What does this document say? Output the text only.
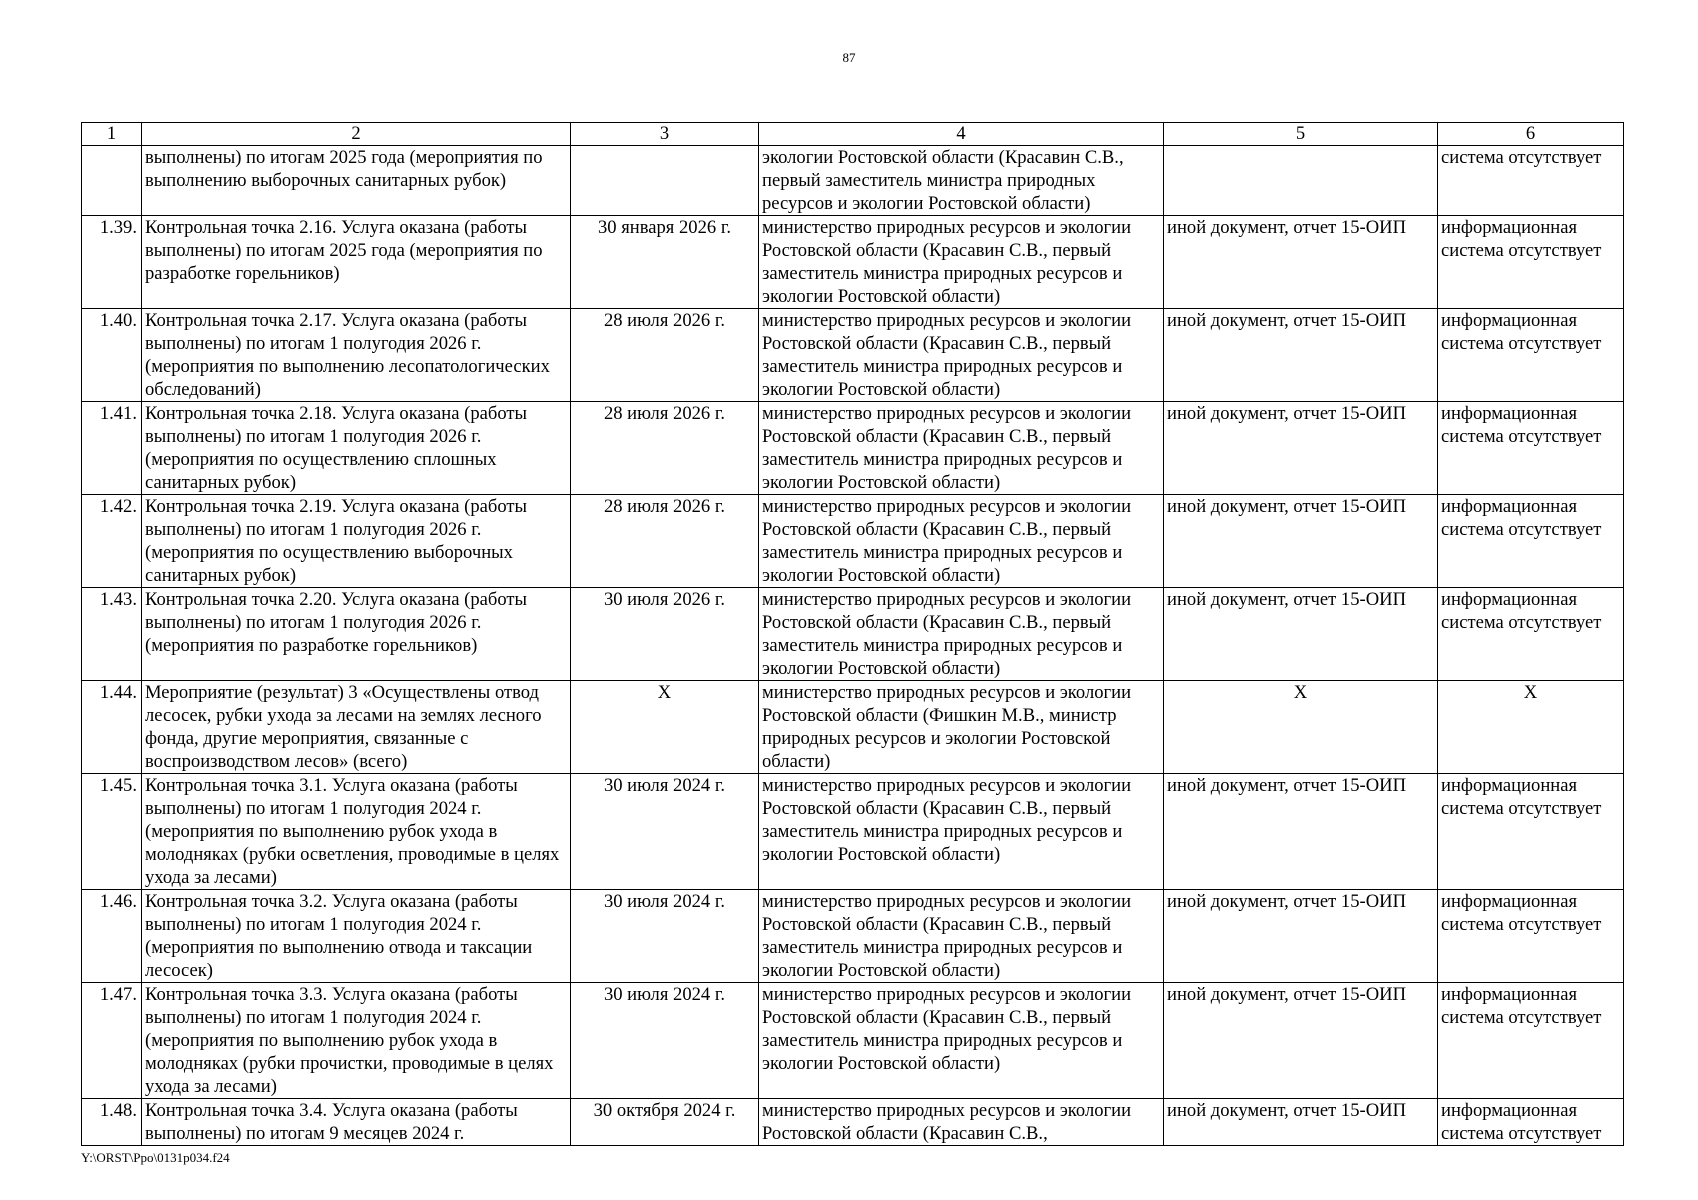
87
1	2	3	4	5	6
	выполнены) по итогам 2025 года (мероприятия по выполнению выборочных санитарных рубок)		экологии Ростовской области (Красавин С.В., первый заместитель министра природных ресурсов и экологии Ростовской области)		система отсутствует
1.39.	Контрольная точка 2.16. Услуга оказана (работы выполнены) по итогам 2025 года (мероприятия по разработке горельников)	30 января 2026 г.	министерство природных ресурсов и экологии Ростовской области (Красавин С.В., первый заместитель министра природных ресурсов и экологии Ростовской области)	иной документ, отчет 15-ОИП	информационная система отсутствует
1.40.	Контрольная точка 2.17. Услуга оказана (работы выполнены) по итогам 1 полугодия 2026 г. (мероприятия по выполнению лесопатологических обследований)	28 июля 2026 г.	министерство природных ресурсов и экологии Ростовской области (Красавин С.В., первый заместитель министра природных ресурсов и экологии Ростовской области)	иной документ, отчет 15-ОИП	информационная система отсутствует
1.41.	Контрольная точка 2.18. Услуга оказана (работы выполнены) по итогам 1 полугодия 2026 г. (мероприятия по осуществлению сплошных санитарных рубок)	28 июля 2026 г.	министерство природных ресурсов и экологии Ростовской области (Красавин С.В., первый заместитель министра природных ресурсов и экологии Ростовской области)	иной документ, отчет 15-ОИП	информационная система отсутствует
1.42.	Контрольная точка 2.19. Услуга оказана (работы выполнены) по итогам 1 полугодия 2026 г. (мероприятия по осуществлению выборочных санитарных рубок)	28 июля 2026 г.	министерство природных ресурсов и экологии Ростовской области (Красавин С.В., первый заместитель министра природных ресурсов и экологии Ростовской области)	иной документ, отчет 15-ОИП	информационная система отсутствует
1.43.	Контрольная точка 2.20. Услуга оказана (работы выполнены) по итогам 1 полугодия 2026 г. (мероприятия по разработке горельников)	30 июля 2026 г.	министерство природных ресурсов и экологии Ростовской области (Красавин С.В., первый заместитель министра природных ресурсов и экологии Ростовской области)	иной документ, отчет 15-ОИП	информационная система отсутствует
1.44.	Мероприятие (результат) 3 «Осуществлены отвод лесосек, рубки ухода за лесами на землях лесного фонда, другие мероприятия, связанные с воспроизводством лесов» (всего)	Х	министерство природных ресурсов и экологии Ростовской области (Фишкин М.В., министр природных ресурсов и экологии Ростовской области)	Х	Х
1.45.	Контрольная точка 3.1. Услуга оказана (работы выполнены) по итогам 1 полугодия 2024 г. (мероприятия по выполнению рубок ухода в молодняках (рубки осветления, проводимые в целях ухода за лесами)	30 июля 2024 г.	министерство природных ресурсов и экологии Ростовской области (Красавин С.В., первый заместитель министра природных ресурсов и экологии Ростовской области)	иной документ, отчет 15-ОИП	информационная система отсутствует
1.46.	Контрольная точка 3.2. Услуга оказана (работы выполнены) по итогам 1 полугодия 2024 г. (мероприятия по выполнению отвода и таксации лесосек)	30 июля 2024 г.	министерство природных ресурсов и экологии Ростовской области (Красавин С.В., первый заместитель министра природных ресурсов и экологии Ростовской области)	иной документ, отчет 15-ОИП	информационная система отсутствует
1.47.	Контрольная точка 3.3. Услуга оказана (работы выполнены) по итогам 1 полугодия 2024 г. (мероприятия по выполнению рубок ухода в молодняках (рубки прочистки, проводимые в целях ухода за лесами)	30 июля 2024 г.	министерство природных ресурсов и экологии Ростовской области (Красавин С.В., первый заместитель министра природных ресурсов и экологии Ростовской области)	иной документ, отчет 15-ОИП	информационная система отсутствует
1.48.	Контрольная точка 3.4. Услуга оказана (работы выполнены) по итогам 9 месяцев 2024 г.	30 октября 2024 г.	министерство природных ресурсов и экологии Ростовской области (Красавин С.В.,	иной документ, отчет 15-ОИП	информационная система отсутствует
Y:\ORST\Ppo\0131p034.f24
